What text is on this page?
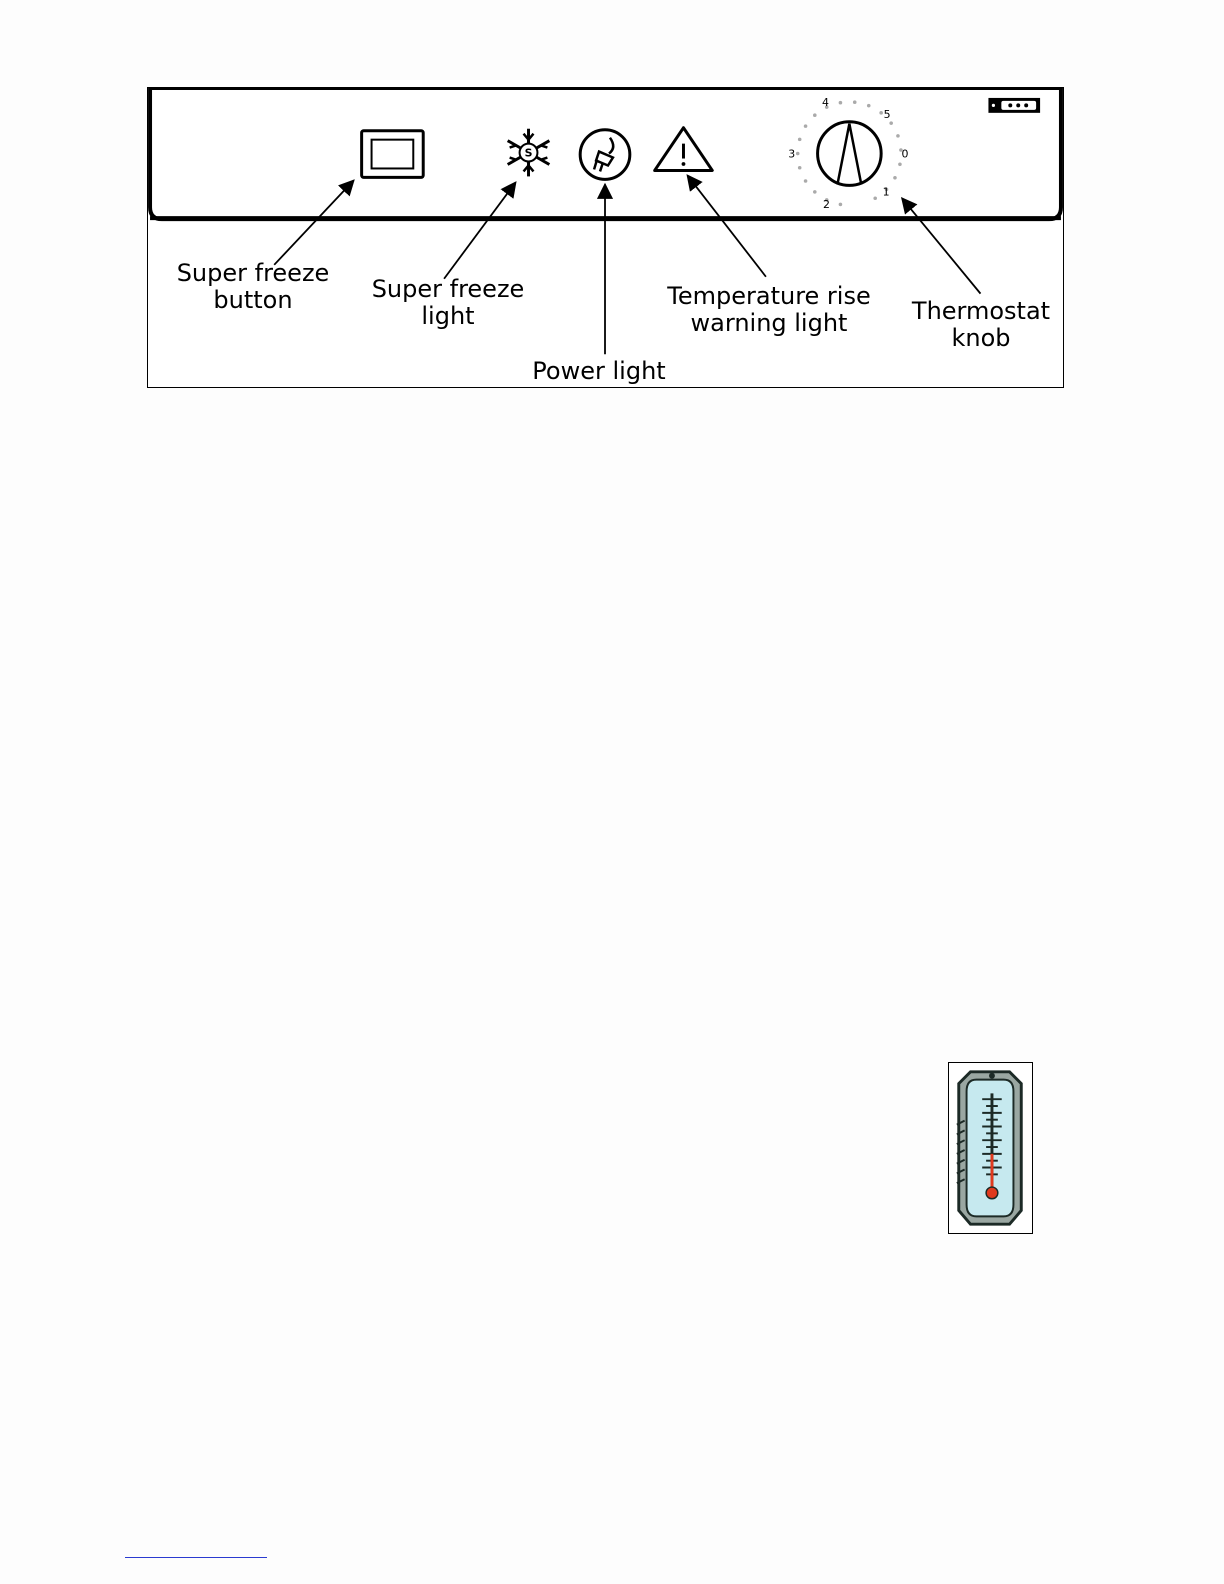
S
4
5
3	0
2
1
Super freeze
button	Super freeze
light
Power light
Temperature rise
warning light	Thermostat
knob
